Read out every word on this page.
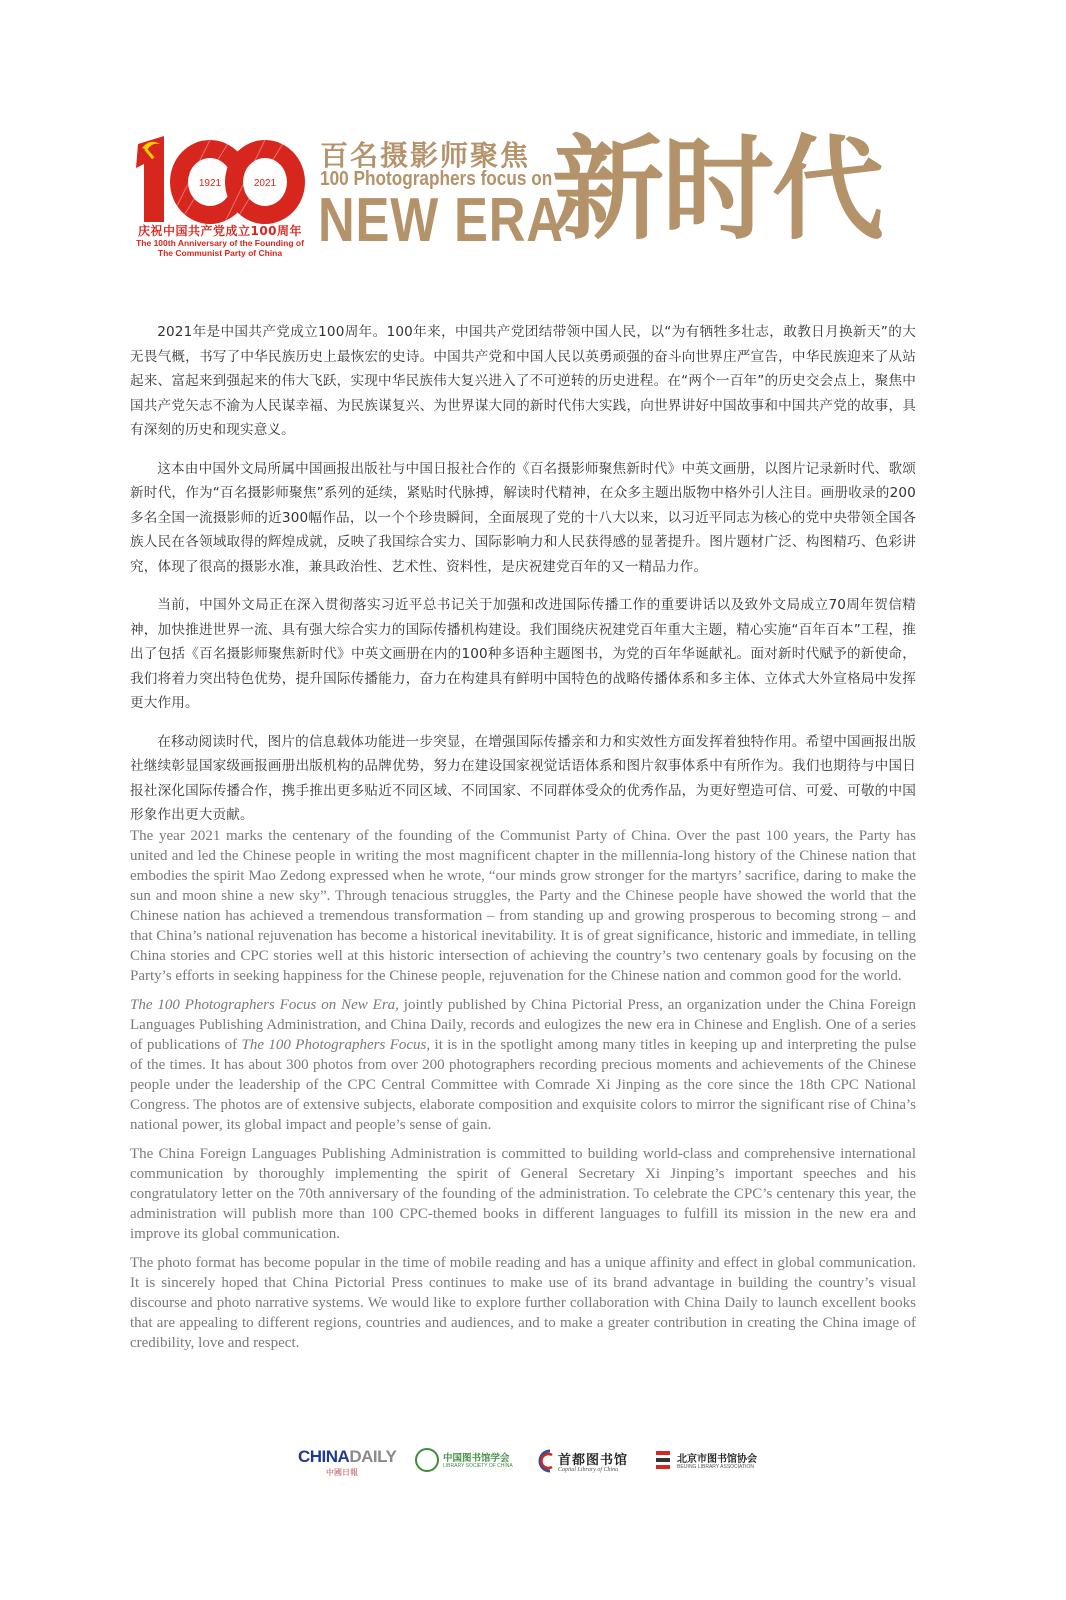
1921	2021
庆祝中国共产党成立100周年
The 100th Anniversary of the Founding of
The Communist Party of China
百名摄影师聚焦
100 Photographers focus on
NEW ERA
新时代

2021年是中国共产党成立100周年。100年来，中国共产党团结带领中国人民，以“为有牺牲多壮志，敢教日月换新天”的大无畏气概，书写了中华民族历史上最恢宏的史诗。中国共产党和中国人民以英勇顽强的奋斗向世界庄严宣告，中华民族迎来了从站起来、富起来到强起来的伟大飞跃，实现中华民族伟大复兴进入了不可逆转的历史进程。在“两个一百年”的历史交会点上，聚焦中国共产党矢志不渝为人民谋幸福、为民族谋复兴、为世界谋大同的新时代伟大实践，向世界讲好中国故事和中国共产党的故事，具有深刻的历史和现实意义。

这本由中国外文局所属中国画报出版社与中国日报社合作的《百名摄影师聚焦新时代》中英文画册，以图片记录新时代、歌颂新时代，作为“百名摄影师聚焦”系列的延续，紧贴时代脉搏，解读时代精神，在众多主题出版物中格外引人注目。画册收录的200多名全国一流摄影师的近300幅作品，以一个个珍贵瞬间，全面展现了党的十八大以来，以习近平同志为核心的党中央带领全国各族人民在各领域取得的辉煌成就，反映了我国综合实力、国际影响力和人民获得感的显著提升。图片题材广泛、构图精巧、色彩讲究，体现了很高的摄影水准，兼具政治性、艺术性、资料性，是庆祝建党百年的又一精品力作。

当前，中国外文局正在深入贯彻落实习近平总书记关于加强和改进国际传播工作的重要讲话以及致外文局成立70周年贺信精神，加快推进世界一流、具有强大综合实力的国际传播机构建设。我们围绕庆祝建党百年重大主题，精心实施“百年百本”工程，推出了包括《百名摄影师聚焦新时代》中英文画册在内的100种多语种主题图书，为党的百年华诞献礼。面对新时代赋予的新使命，我们将着力突出特色优势，提升国际传播能力，奋力在构建具有鲜明中国特色的战略传播体系和多主体、立体式大外宣格局中发挥更大作用。

在移动阅读时代，图片的信息载体功能进一步突显，在增强国际传播亲和力和实效性方面发挥着独特作用。希望中国画报出版社继续彰显国家级画报画册出版机构的品牌优势，努力在建设国家视觉话语体系和图片叙事体系中有所作为。我们也期待与中国日报社深化国际传播合作，携手推出更多贴近不同区域、不同国家、不同群体受众的优秀作品，为更好塑造可信、可爱、可敬的中国形象作出更大贡献。

The year 2021 marks the centenary of the founding of the Communist Party of China. Over the past 100 years, the Party has united and led the Chinese people in writing the most magnificent chapter in the millennia-long history of the Chinese nation that embodies the spirit Mao Zedong expressed when he wrote, “our minds grow stronger for the martyrs’ sacrifice, daring to make the sun and moon shine a new sky”. Through tenacious struggles, the Party and the Chinese people have showed the world that the Chinese nation has achieved a tremendous transformation – from standing up and growing prosperous to becoming strong – and that China’s national rejuvenation has become a historical inevitability. It is of great significance, historic and immediate, in telling China stories and CPC stories well at this historic intersection of achieving the country’s two centenary goals by focusing on the Party’s efforts in seeking happiness for the Chinese people, rejuvenation for the Chinese nation and common good for the world.

The 100 Photographers Focus on New Era, jointly published by China Pictorial Press, an organization under the China Foreign Languages Publishing Administration, and China Daily, records and eulogizes the new era in Chinese and English. One of a series of publications of The 100 Photographers Focus, it is in the spotlight among many titles in keeping up and interpreting the pulse of the times. It has about 300 photos from over 200 photographers recording precious moments and achievements of the Chinese people under the leadership of the CPC Central Committee with Comrade Xi Jinping as the core since the 18th CPC National Congress. The photos are of extensive subjects, elaborate composition and exquisite colors to mirror the significant rise of China’s national power, its global impact and people’s sense of gain.

The China Foreign Languages Publishing Administration is committed to building world-class and comprehensive international communication by thoroughly implementing the spirit of General Secretary Xi Jinping’s important speeches and his congratulatory letter on the 70th anniversary of the founding of the administration. To celebrate the CPC’s centenary this year, the administration will publish more than 100 CPC-themed books in different languages to fulfill its mission in the new era and improve its global communication.

The photo format has become popular in the time of mobile reading and has a unique affinity and effect in global communication. It is sincerely hoped that China Pictorial Press continues to make use of its brand advantage in building the country’s visual discourse and photo narrative systems. We would like to explore further collaboration with China Daily to launch excellent books that are appealing to different regions, countries and audiences, and to make a greater contribution in creating the China image of credibility, love and respect.

CHINADAILY
中國日報
中国图书馆学会
LIBRARY SOCIETY OF CHINA	首都图书馆
Capital Library of China
北京市图书馆协会
BEIJING LIBRARY ASSOCIATION
